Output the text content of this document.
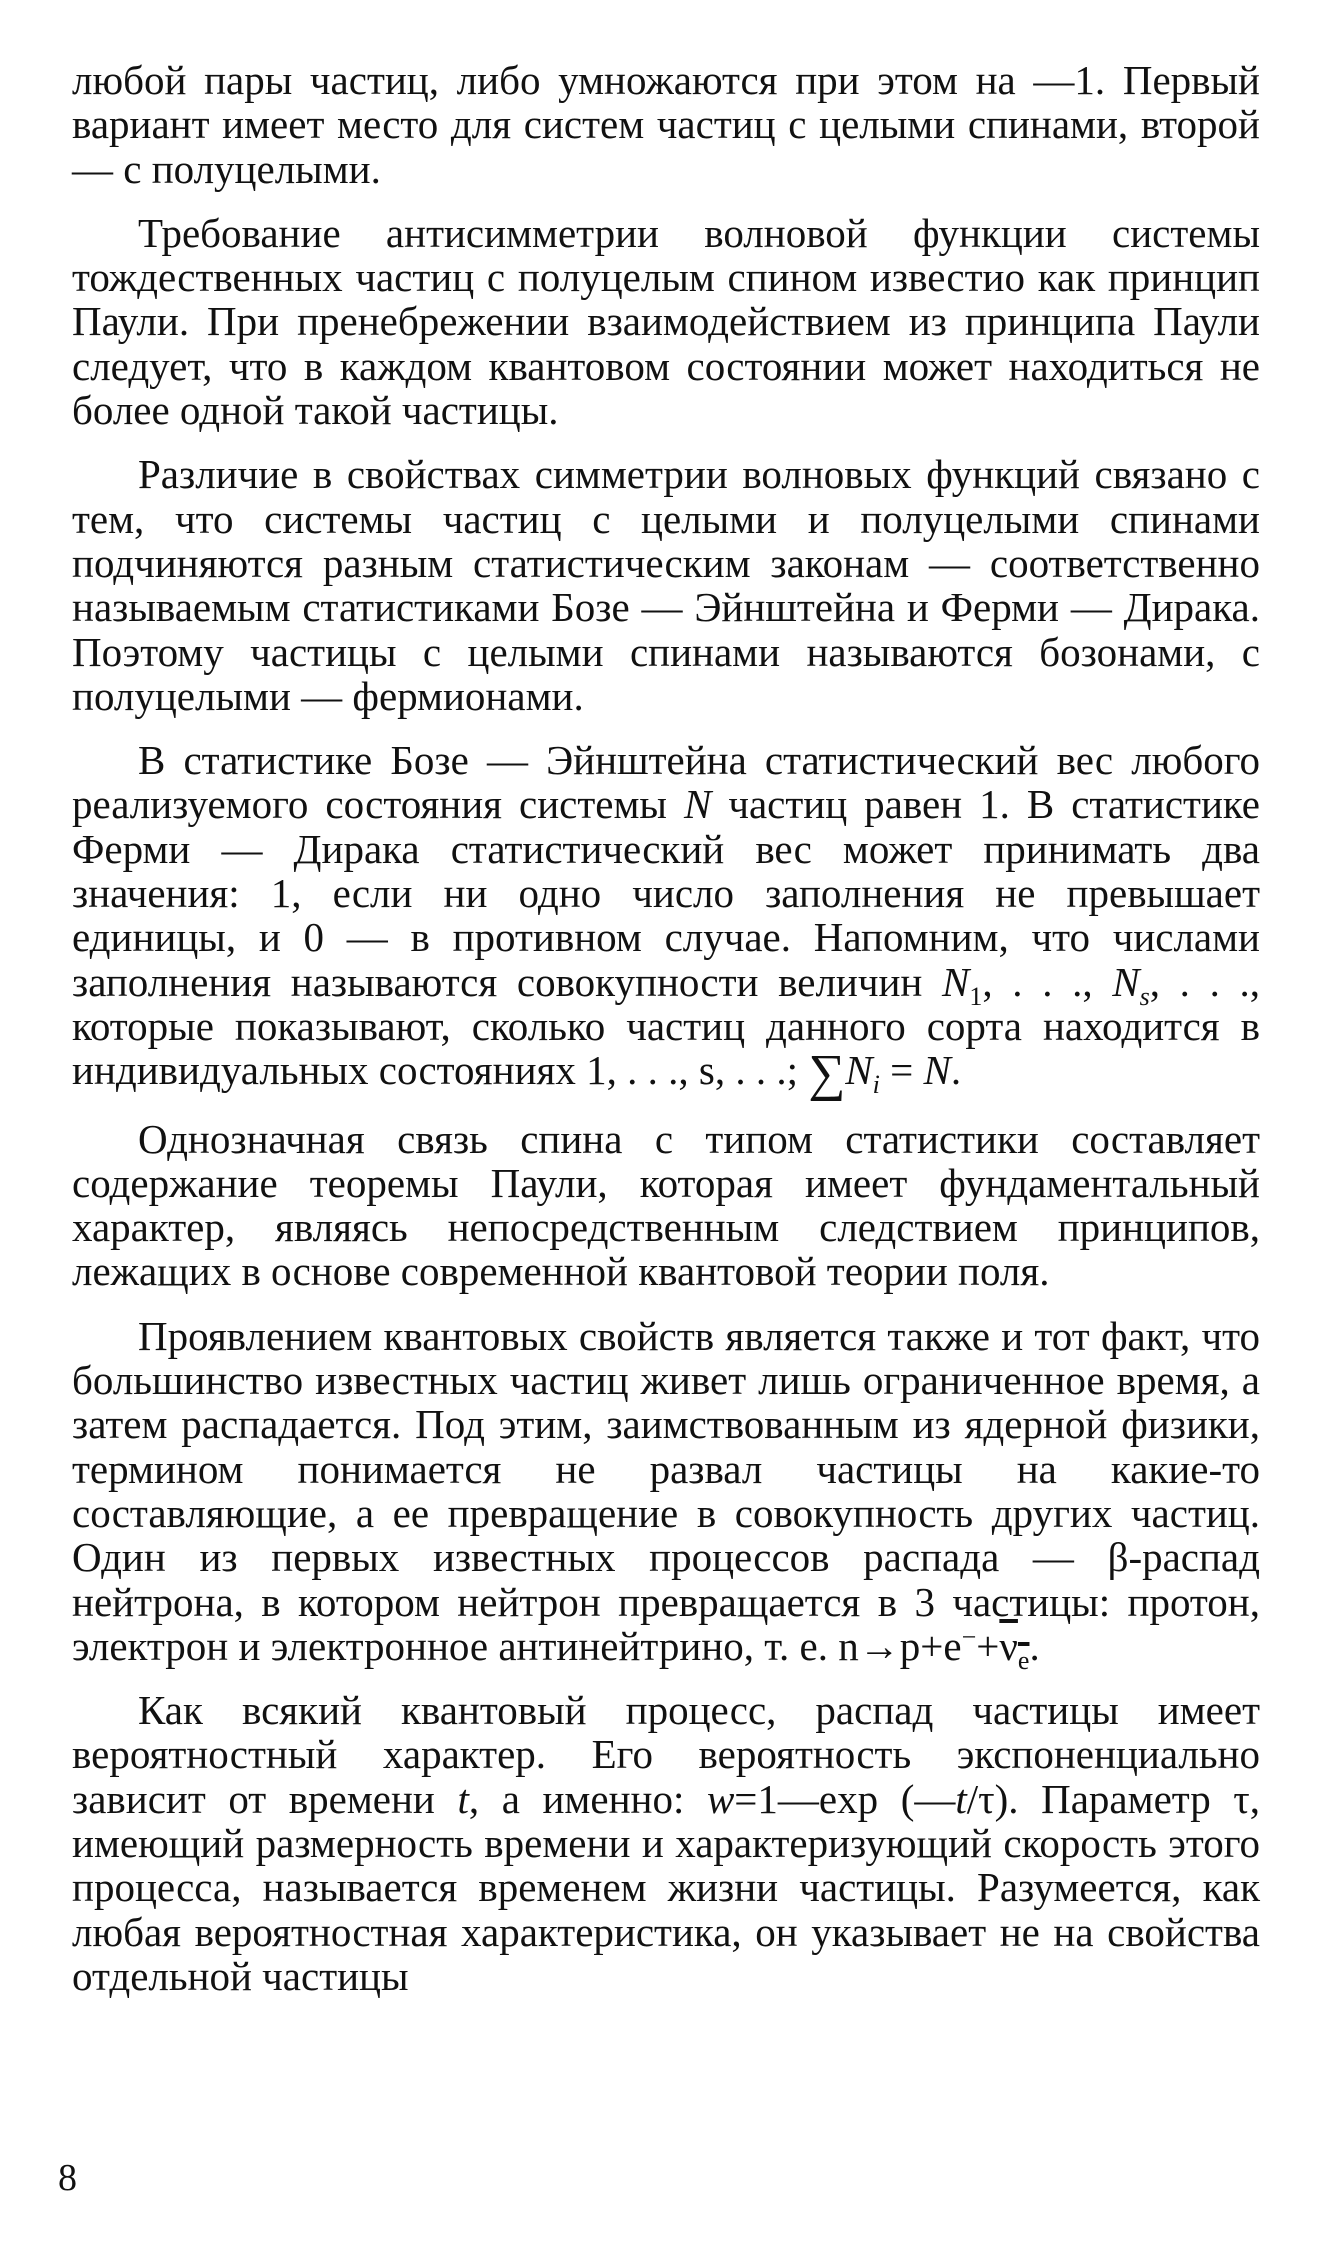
любой пары частиц, либо умножаются при этом на —1. Первый вариант имеет место для систем частиц с целыми спинами, второй — с полуцелыми.

Требование антисимметрии волновой функции системы тождественных частиц с полуцелым спином известио как принцип Паули. При пренебрежении взаимодействием из принципа Паули следует, что в каждом квантовом состоянии может находиться не более одной такой частицы.

Различие в свойствах симметрии волновых функций связано с тем, что системы частиц с целыми и полуцелыми спинами подчиняются разным статистическим законам — соответственно называемым статистиками Бозе — Эйнштейна и Ферми — Дирака. Поэтому частицы с целыми спинами называются бозонами, с полуцелыми — фермионами.

В статистике Бозе — Эйнштейна статистический вес любого реализуемого состояния системы N частиц равен 1. В статистике Ферми — Дирака статистический вес может принимать два значения: 1, если ни одно число заполнения не превышает единицы, и 0 — в противном случае. Напомним, что числами заполнения называются совокупности величин $N_1$, . . ., $N_s$, . . ., которые показывают, сколько частиц данного сорта находится в индивидуальных состояниях 1, . . ., s, . . .; $\sum N_i = N$.

Однозначная связь спина с типом статистики составляет содержание теоремы Паули, которая имеет фундаментальный характер, являясь непосредственным следствием принципов, лежащих в основе современной квантовой теории поля.

Проявлением квантовых свойств является также и тот факт, что большинство известных частиц живет лишь ограниченное время, а затем распадается. Под этим, заимствованным из ядерной физики, термином понимается не развал частицы на какие-то составляющие, а ее превращение в совокупность других частиц. Один из первых известных процессов распада — β-распад нейтрона, в котором нейтрон превращается в 3 частицы: протон, электрон и электронное антинейтрино, т. е. $n\to p+e^-+\nu_e$.

Как всякий квантовый процесс, распад частицы имеет вероятностный характер. Его вероятность экспоненциально зависит от времени t, а именно: w=1—exp (—t/τ). Параметр τ, имеющий размерность времени и характеризующий скорость этого процесса, называется временем жизни частицы. Разумеется, как любая вероятностная характеристика, он указывает не на свойства отдельной частицы

8
